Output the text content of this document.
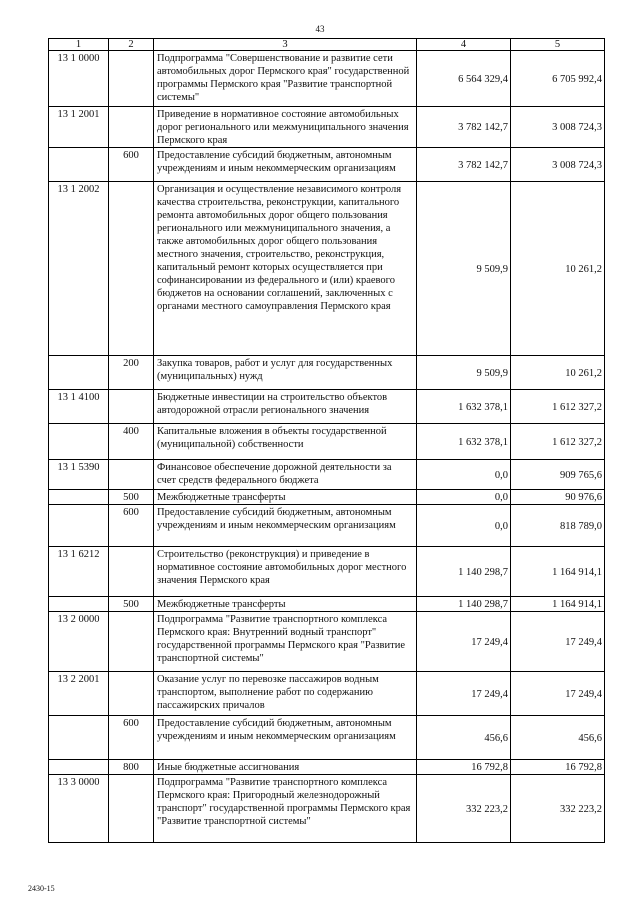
43
1	2	3	4	5
13 1 0000		Подпрограмма "Совершенствование и развитие сети автомобильных дорог Пермского края" государственной программы Пермского края "Развитие транспортной системы"	6 564 329,4	6 705 992,4
13 1 2001		Приведение в нормативное состояние автомобильных дорог регионального или межмуниципального значения Пермского края	3 782 142,7	3 008 724,3
	600	Предоставление субсидий бюджетным, автономным учреждениям и иным некоммерческим организациям	3 782 142,7	3 008 724,3
13 1 2002		Организация и осуществление независимого контроля качества строительства, реконструкции, капитального ремонта автомобильных дорог общего пользования регионального или межмуниципального значения, а также автомобильных дорог общего пользования местного значения, строительство, реконструкция, капитальный ремонт которых осуществляется при софинансировании из федерального и (или) краевого бюджетов на основании соглашений, заключенных с органами местного самоуправления Пермского края	9 509,9	10 261,2
	200	Закупка товаров, работ и услуг для государственных (муниципальных) нужд	9 509,9	10 261,2
13 1 4100		Бюджетные инвестиции на строительство объектов автодорожной отрасли регионального значения	1 632 378,1	1 612 327,2
	400	Капитальные вложения в объекты государственной (муниципальной) собственности	1 632 378,1	1 612 327,2
13 1 5390		Финансовое обеспечение дорожной деятельности за счет средств федерального бюджета	0,0	909 765,6
	500	Межбюджетные трансферты	0,0	90 976,6
	600	Предоставление субсидий бюджетным, автономным учреждениям и иным некоммерческим организациям	0,0	818 789,0
13 1 6212		Строительство (реконструкция) и приведение в нормативное состояние автомобильных дорог местного значения Пермского края	1 140 298,7	1 164 914,1
	500	Межбюджетные трансферты	1 140 298,7	1 164 914,1
13 2 0000		Подпрограмма "Развитие транспортного комплекса Пермского края: Внутренний водный транспорт" государственной программы Пермского края "Развитие транспортной системы"	17 249,4	17 249,4
13 2 2001		Оказание услуг по перевозке пассажиров водным транспортом, выполнение работ по содержанию пассажирских причалов	17 249,4	17 249,4
	600	Предоставление субсидий бюджетным, автономным учреждениям и иным некоммерческим организациям	456,6	456,6
	800	Иные бюджетные ассигнования	16 792,8	16 792,8
13 3 0000		Подпрограмма "Развитие транспортного комплекса Пермского края: Пригородный железнодорожный транспорт" государственной программы Пермского края "Развитие транспортной системы"	332 223,2	332 223,2
2430-15
